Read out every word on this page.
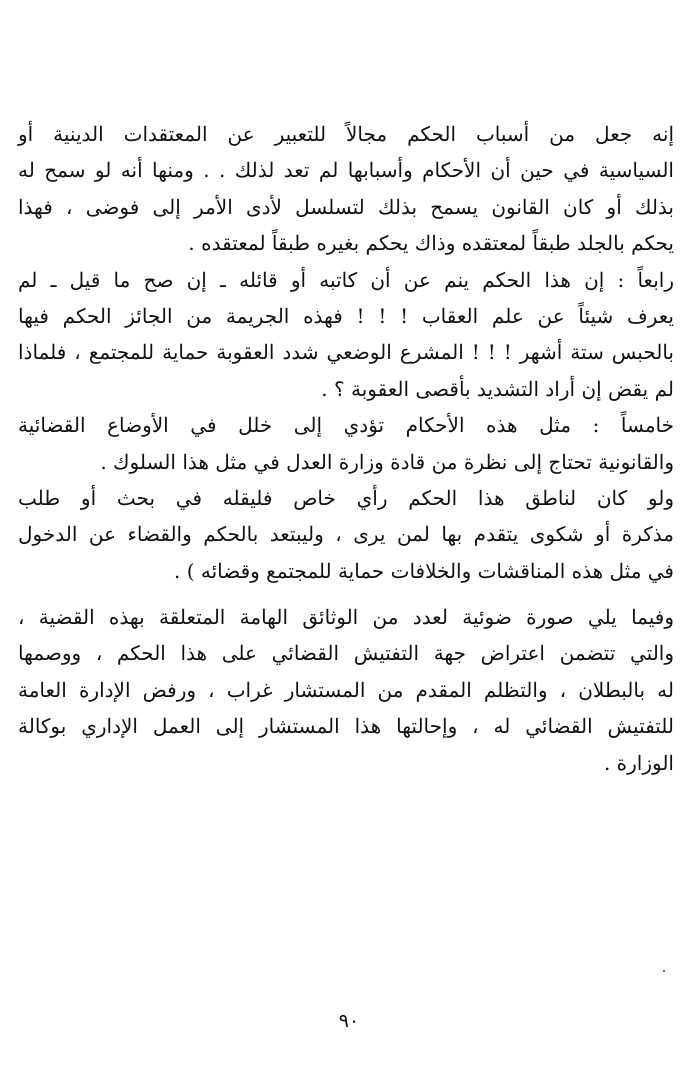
إنه جعل من أسباب الحكم مجالاً للتعبير عن المعتقدات الدينية أو
السياسية في حين أن الأحكام وأسبابها لم تعد لذلك . . ومنها أنه لو سمح له
بذلك أو كان القانون يسمح بذلك لتسلسل لأدى الأمر إلى فوضى ، فهذا
يحكم بالجلد طبقاً لمعتقده وذاك يحكم بغيره طبقاً لمعتقده .
رابعاً : إن هذا الحكم ينم عن أن كاتبه أو قائله ـ إن صح ما قيل ـ لم
يعرف شيئاً عن علم العقاب ! ! ! فهذه الجريمة من الجائز الحكم فيها
بالحبس ستة أشهر ! ! ! المشرع الوضعي شدد العقوبة حماية للمجتمع ، فلماذا
لم يقض إن أراد التشديد بأقصى العقوبة ؟ .
خامساً : مثل هذه الأحكام تؤدي إلى خلل في الأوضاع القضائية
والقانونية تحتاج إلى نظرة من قادة وزارة العدل في مثل هذا السلوك .
ولو كان لناطق هذا الحكم رأي خاص فليقله في بحث أو طلب
مذكرة أو شكوى يتقدم بها لمن يرى ، وليبتعد بالحكم والقضاء عن الدخول
في مثل هذه المناقشات والخلافات حماية للمجتمع وقضائه ) .
وفيما يلي صورة ضوئية لعدد من الوثائق الهامة المتعلقة بهذه القضية ،
والتي تتضمن اعتراض جهة التفتيش القضائي على هذا الحكم ، ووصمها
له بالبطلان ، والتظلم المقدم من المستشار غراب ، ورفض الإدارة العامة
للتفتيش القضائي له ، وإحالتها هذا المستشار إلى العمل الإداري بوكالة
الوزارة .
٩٠
